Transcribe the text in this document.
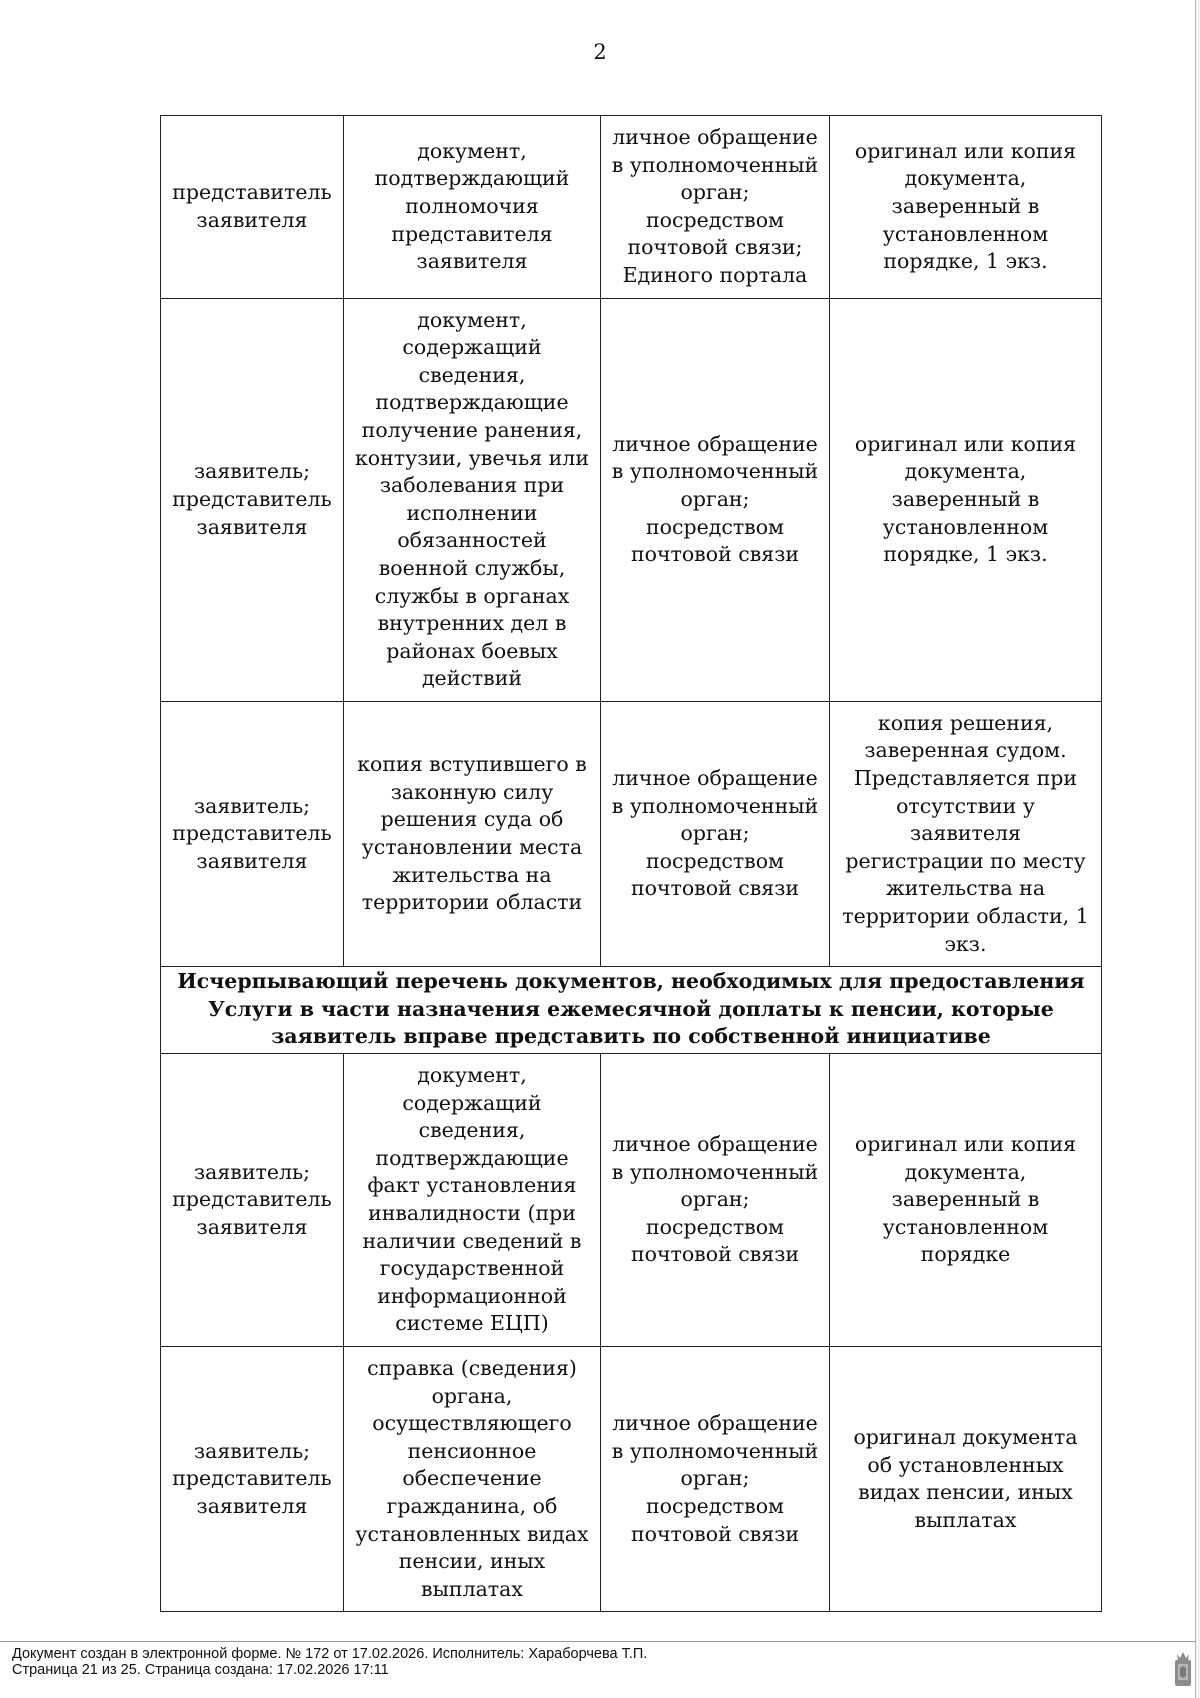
2
представитель заявителя	документ, подтверждающий полномочия представителя заявителя	личное обращение в уполномоченный орган; посредством почтовой связи; Единого портала	оригинал или копия документа, заверенный в установленном порядке, 1 экз.
заявитель; представитель заявителя	документ, содержащий сведения, подтверждающие получение ранения, контузии, увечья или заболевания при исполнении обязанностей военной службы, службы в органах внутренних дел в районах боевых действий	личное обращение в уполномоченный орган; посредством почтовой связи	оригинал или копия документа, заверенный в установленном порядке, 1 экз.
заявитель; представитель заявителя	копия вступившего в законную силу решения суда об установлении места жительства на территории области	личное обращение в уполномоченный орган; посредством почтовой связи	копия решения, заверенная судом. Представляется при отсутствии у заявителя регистрации по месту жительства на территории области, 1 экз.
Исчерпывающий перечень документов, необходимых для предоставления Услуги в части назначения ежемесячной доплаты к пенсии, которые заявитель вправе представить по собственной инициативе			
заявитель; представитель заявителя	документ, содержащий сведения, подтверждающие факт установления инвалидности (при наличии сведений в государственной информационной системе ЕЦП)	личное обращение в уполномоченный орган; посредством почтовой связи	оригинал или копия документа, заверенный в установленном порядке
заявитель; представитель заявителя	справка (сведения) органа, осуществляющего пенсионное обеспечение гражданина, об установленных видах пенсии, иных выплатах	личное обращение в уполномоченный орган; посредством почтовой связи	оригинал документа об установленных видах пенсии, иных выплатах
Документ создан в электронной форме. № 172 от 17.02.2026. Исполнитель: Хараборчева Т.П.
Страница 21 из 25. Страница создана: 17.02.2026 17:11
